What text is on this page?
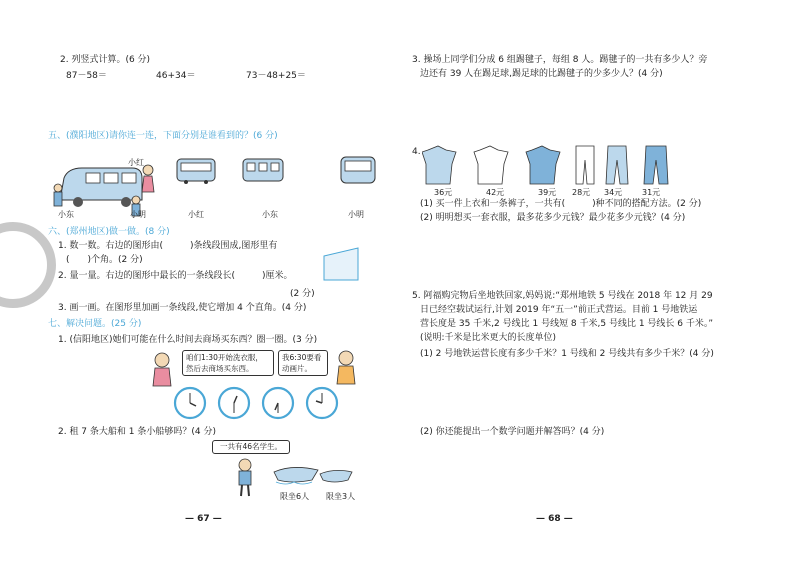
2. 列竖式计算。(6 分)
87－58＝	46+34＝	73－48+25＝
五、(濮阳地区)请你连一连，下面分别是谁看到的？(6 分)
小红
小东	小明	小红	小东	小明
六、(郑州地区)做一做。(8 分)
1. 数一数。右边的图形由(　　　)条线段围成,图形里有
(　　)个角。(2 分)
2. 量一量。右边的图形中最长的一条线段长(　　　)厘米。
(2 分)
3. 画一画。在图形里加画一条线段,使它增加 4 个直角。(4 分)
七、解决问题。(25 分)
1. (信阳地区)她们可能在什么时间去商场买东西？圈一圈。(3 分)
咱们1:30开始洗衣服，然后去商场买东西。
我6:30要看动画片。
2. 租 7 条大船和 1 条小船够吗？(4 分)
一共有46名学生。
限坐6人 限坐3人
— 67 —
3. 操场上同学们分成 6 组踢毽子，每组 8 人。踢毽子的一共有多少人？旁
边还有 39 人在踢足球,踢足球的比踢毽子的少多少人？(4 分)
4.
36元	42元	39元 28元 34元 31元
(1) 买一件上衣和一条裤子，一共有(　　　)种不同的搭配方法。(2 分)
(2) 明明想买一套衣服，最多花多少元钱？最少花多少元钱？(4 分)
5. 阿福购完物后坐地铁回家,妈妈说:“郑州地铁 5 号线在 2018 年 12 月 29
日已经空载试运行,计划 2019 年“五一”前正式营运。目前 1 号地铁运
营长度是 35 千米,2 号线比 1 号线短 8 千米,5 号线比 1 号线长 6 千米。”
(说明:千米是比米更大的长度单位)
(1) 2 号地铁运营长度有多少千米？1 号线和 2 号线共有多少千米？(4 分)
(2) 你还能提出一个数学问题并解答吗？(4 分)
— 68 —
